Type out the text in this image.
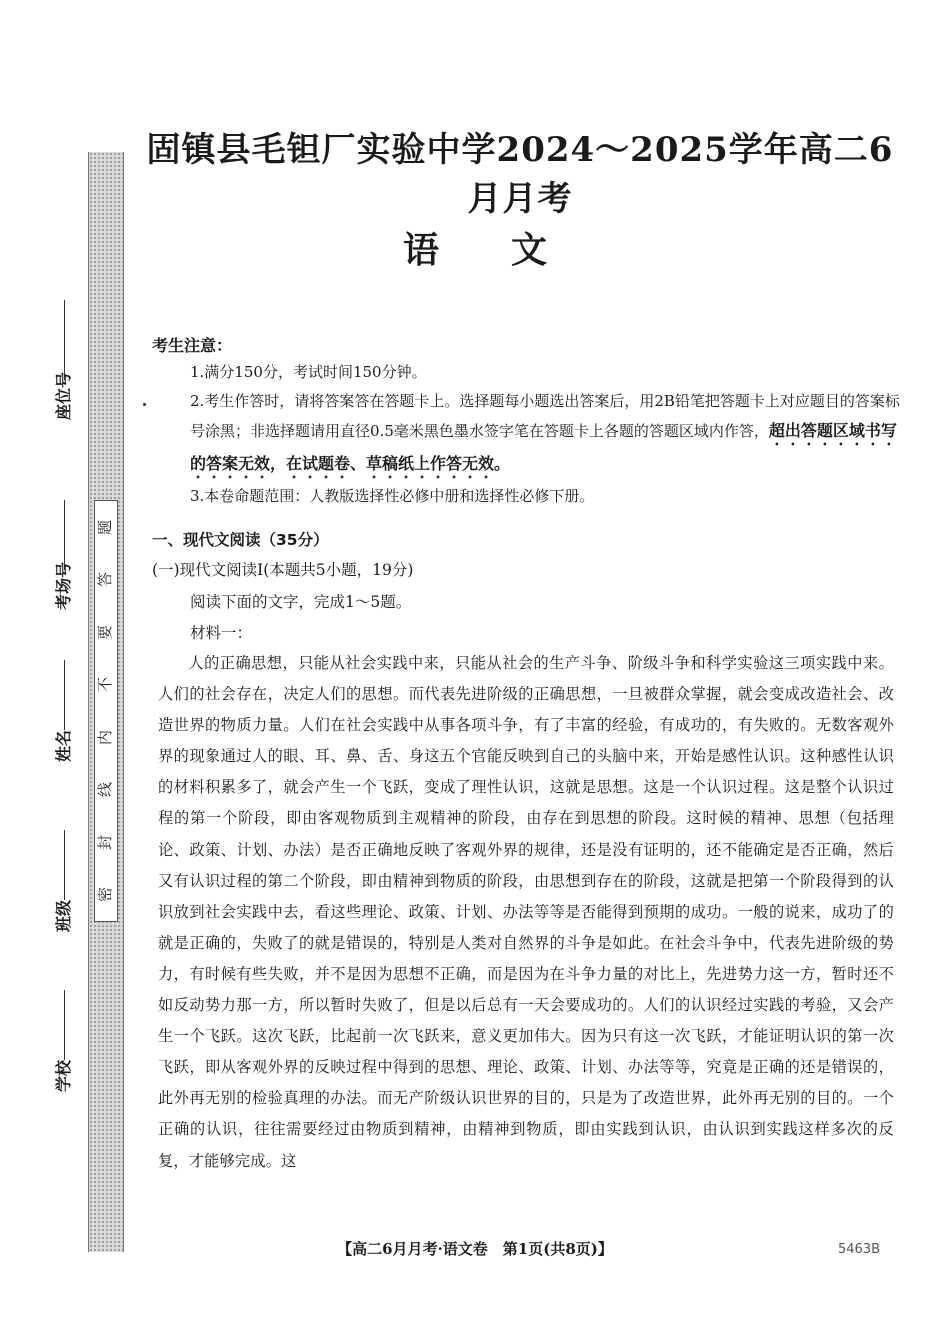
题
答
要
不
内
线
封
密
座位号
考场号
姓名
班级
学校
固镇县毛钽厂实验中学2024～2025学年高二6月月考
语文
考生注意：

1.满分150分，考试时间150分钟。

2.考生作答时，请将答案答在答题卡上。选择题每小题选出答案后，用2B铅笔把答题卡上对应题目的答案标号涂黑；非选择题请用直径0.5毫米黑色墨水签字笔在答题卡上各题的答题区域内作答，超出答题区域书写的答案无效，在试题卷、草稿纸上作答无效。

3.本卷命题范围：人教版选择性必修中册和选择性必修下册。

一、现代文阅读（35分）
(一)现代文阅读Ⅰ(本题共5小题，19分)
阅读下面的文字，完成1～5题。
材料一：

人的正确思想，只能从社会实践中来，只能从社会的生产斗争、阶级斗争和科学实验这三项实践中来。人们的社会存在，决定人们的思想。而代表先进阶级的正确思想，一旦被群众掌握，就会变成改造社会、改造世界的物质力量。人们在社会实践中从事各项斗争，有了丰富的经验，有成功的，有失败的。无数客观外界的现象通过人的眼、耳、鼻、舌、身这五个官能反映到自己的头脑中来，开始是感性认识。这种感性认识的材料积累多了，就会产生一个飞跃，变成了理性认识，这就是思想。这是一个认识过程。这是整个认识过程的第一个阶段，即由客观物质到主观精神的阶段，由存在到思想的阶段。这时候的精神、思想（包括理论、政策、计划、办法）是否正确地反映了客观外界的规律，还是没有证明的，还不能确定是否正确，然后又有认识过程的第二个阶段，即由精神到物质的阶段，由思想到存在的阶段，这就是把第一个阶段得到的认识放到社会实践中去，看这些理论、政策、计划、办法等等是否能得到预期的成功。一般的说来，成功了的就是正确的，失败了的就是错误的，特别是人类对自然界的斗争是如此。在社会斗争中，代表先进阶级的势力，有时候有些失败，并不是因为思想不正确，而是因为在斗争力量的对比上，先进势力这一方，暂时还不如反动势力那一方，所以暂时失败了，但是以后总有一天会要成功的。人们的认识经过实践的考验，又会产生一个飞跃。这次飞跃，比起前一次飞跃来，意义更加伟大。因为只有这一次飞跃，才能证明认识的第一次飞跃，即从客观外界的反映过程中得到的思想、理论、政策、计划、办法等等，究竟是正确的还是错误的，此外再无别的检验真理的办法。而无产阶级认识世界的目的，只是为了改造世界，此外再无别的目的。一个正确的认识，往往需要经过由物质到精神，由精神到物质，即由实践到认识，由认识到实践这样多次的反复，才能够完成。这

【高二6月月考·语文卷　第1页(共8页)】	5463B
